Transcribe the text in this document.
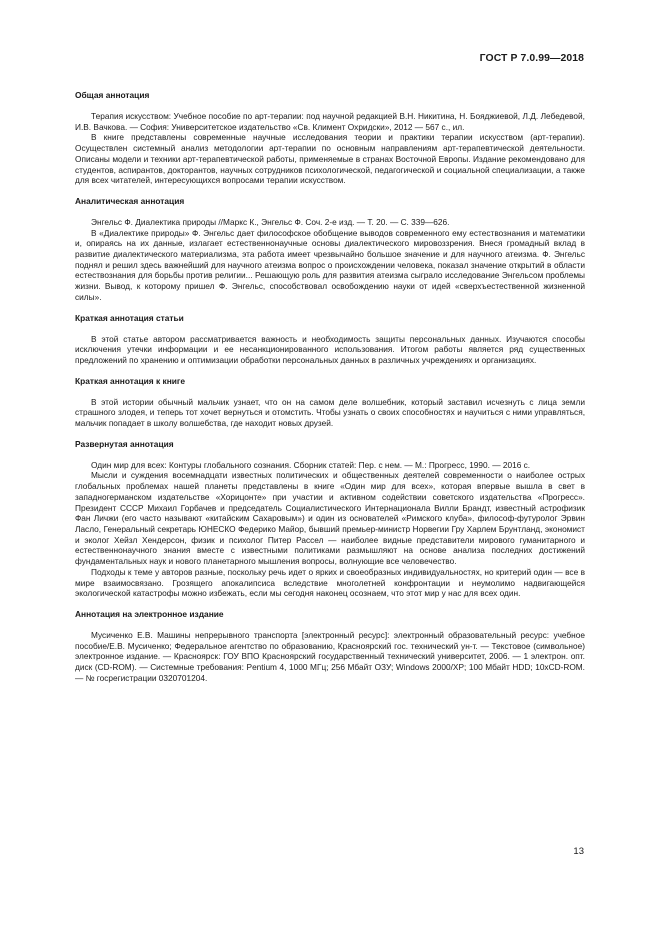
ГОСТ Р 7.0.99—2018
Общая аннотация

Терапия искусством: Учебное пособие по арт-терапии: под научной редакцией В.Н. Никитина, Н. Бояджиевой, Л.Д. Лебедевой, И.В. Вачкова. — София: Университетское издательство «Св. Климент Охридски», 2012 — 567 с., ил.

В книге представлены современные научные исследования теории и практики терапии искусством (арт-терапии). Осуществлен системный анализ методологии арт-терапии по основным направлениям арт-терапевтической деятельности. Описаны модели и техники арт-терапевтической работы, применяемые в странах Восточной Европы. Издание рекомендовано для студентов, аспирантов, докторантов, научных сотрудников психологической, педагогической и социальной специализации, а также для всех читателей, интересующихся вопросами терапии искусством.

Аналитическая аннотация

Энгельс Ф. Диалектика природы //Маркс К., Энгельс Ф. Соч. 2-е изд. — Т. 20. — С. 339—626.

В «Диалектике природы» Ф. Энгельс дает философское обобщение выводов современного ему естествознания и математики и, опираясь на их данные, излагает естественнонаучные основы диалектического мировоззрения. Внеся громадный вклад в развитие диалектического материализма, эта работа имеет чрезвычайно большое значение и для научного атеизма. Ф. Энгельс поднял и решил здесь важнейший для научного атеизма вопрос о происхождении человека, показал значение открытий в области естествознания для борьбы против религии... Решающую роль для развития атеизма сыграло исследование Энгельсом проблемы жизни. Вывод, к которому пришел Ф. Энгельс, способствовал освобождению науки от идей «сверхъестественной жизненной силы».

Краткая аннотация статьи

В этой статье автором рассматривается важность и необходимость защиты персональных данных. Изучаются способы исключения утечки информации и ее несанкционированного использования. Итогом работы является ряд существенных предложений по хранению и оптимизации обработки персональных данных в различных учреждениях и организациях.

Краткая аннотация к книге

В этой истории обычный мальчик узнает, что он на самом деле волшебник, который заставил исчезнуть с лица земли страшного злодея, и теперь тот хочет вернуться и отомстить. Чтобы узнать о своих способностях и научиться с ними управляться, мальчик попадает в школу волшебства, где находит новых друзей.

Развернутая аннотация

Один мир для всех: Контуры глобального сознания. Сборник статей: Пер. с нем. — М.: Прогресс, 1990. — 2016 с.

Мысли и суждения восемнадцати известных политических и общественных деятелей современности о наиболее острых глобальных проблемах нашей планеты представлены в книге «Один мир для всех», которая впервые вышла в свет в западногерманском издательстве «Хорицонте» при участии и активном содействии советского издательства «Прогресс». Президент СССР Михаил Горбачев и председатель Социалистического Интернационала Вилли Брандт, известный астрофизик Фан Личжи (его часто называют «китайским Сахаровым») и один из основателей «Римского клуба», философ-футуролог Эрвин Ласло, Генеральный секретарь ЮНЕСКО Федерико Майор, бывший премьер-министр Норвегии Гру Харлем Брунтланд, экономист и эколог Хейзл Хендерсон, физик и психолог Питер Рассел — наиболее видные представители мирового гуманитарного и естественнонаучного знания вместе с известными политиками размышляют на основе анализа последних достижений фундаментальных наук и нового планетарного мышления вопросы, волнующие все человечество.

Подходы к теме у авторов разные, поскольку речь идет о ярких и своеобразных индивидуальностях, но критерий один — все в мире взаимосвязано. Грозящего апокалипсиса вследствие многолетней конфронтации и неумолимо надвигающейся экологической катастрофы можно избежать, если мы сегодня наконец осознаем, что этот мир у нас для всех один.

Аннотация на электронное издание

Мусиченко Е.В. Машины непрерывного транспорта [электронный ресурс]: электронный образовательный ресурс: учебное пособие/Е.В. Мусиченко; Федеральное агентство по образованию, Красноярский гос. технический ун-т. — Текстовое (символьное) электронное издание. — Красноярск: ГОУ ВПО Красноярский государственный технический университет, 2006. — 1 электрон. опт. диск (CD-ROM). — Системные требования: Pentium 4, 1000 МГц; 256 Мбайт ОЗУ; Windows 2000/XP; 100 Мбайт HDD; 10xCD-ROM. — № госрегистрации 0320701204.

13
